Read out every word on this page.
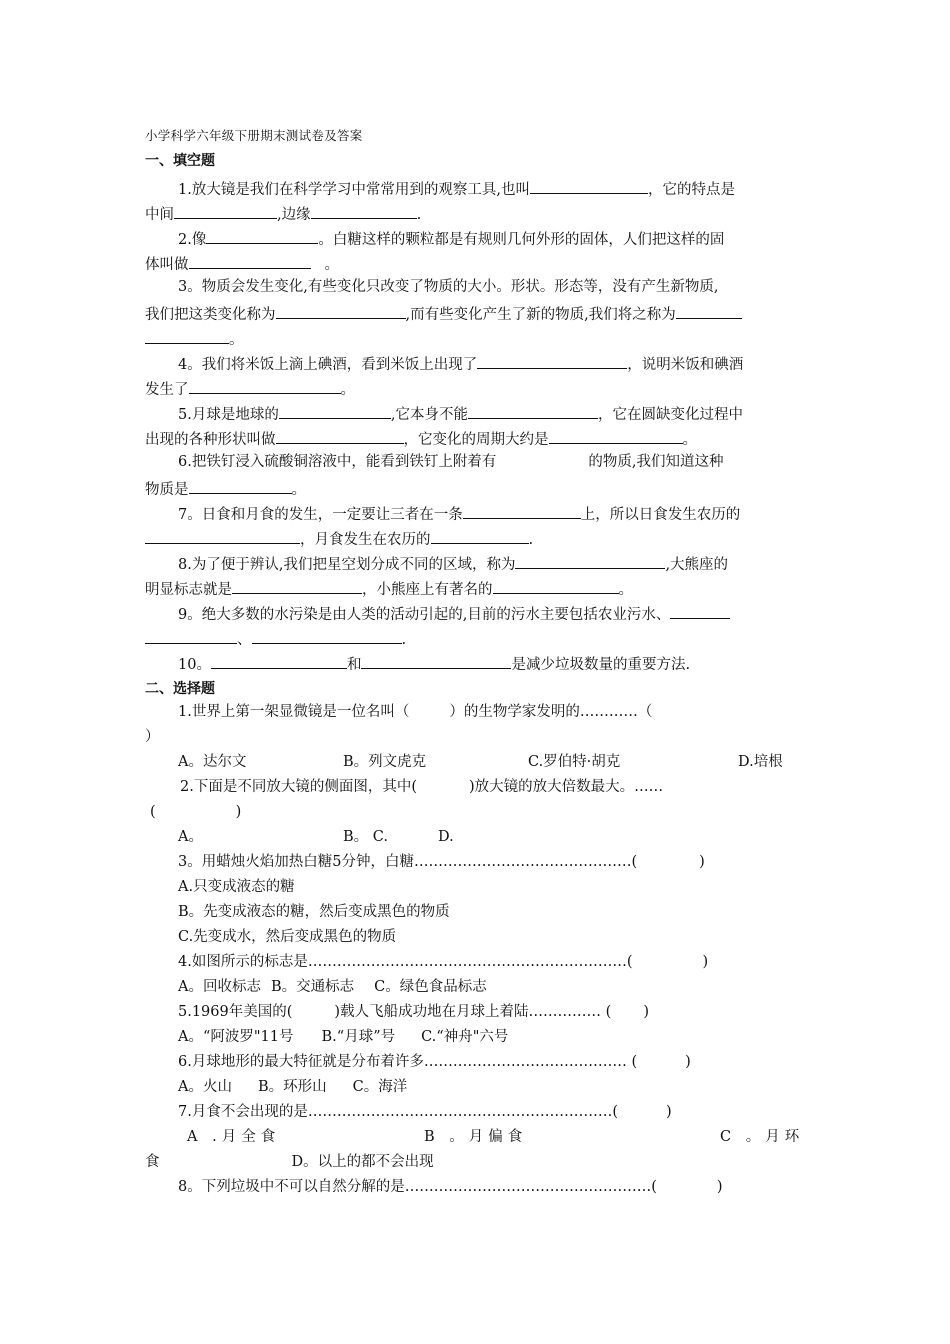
小学科学六年级下册期末测试卷及答案
一、填空题
1.放大镜是我们在科学学习中常常用到的观察工具,也叫	，它的特点是
中间	,边缘	.
2.像	。白糖这样的颗粒都是有规则几何外形的固体，人们把这样的固
体叫做	。
3。物质会发生变化,有些变化只改变了物质的大小。形状。形态等，没有产生新物质,
我们把这类变化称为	,而有些变化产生了新的物质,我们将之称为
。
4。我们将米饭上滴上碘酒，看到米饭上出现了	，说明米饭和碘酒
发生了	。
5.月球是地球的	,它本身不能	，它在圆缺变化过程中
出现的各种形状叫做	，它变化的周期大约是	。
6.把铁钉浸入硫酸铜溶液中，能看到铁钉上附着有	的物质,我们知道这种
物质是	。
7。日食和月食的发生，一定要让三者在一条	上，所以日食发生农历的
，月食发生在农历的	.
8.为了便于辨认,我们把星空划分成不同的区域，称为	,大熊座的
明显标志就是	，小熊座上有著名的	。
9。绝大多数的水污染是由人类的活动引起的,目前的污水主要包括农业污水、
、	.
10。	和	是减少垃圾数量的重要方法.
二、选择题
1.世界上第一架显微镜是一位名叫（	）的生物学家发明的…………（
）
A。达尔文	B。列文虎克	C.罗伯特·胡克	D.培根
2.下面是不同放大镜的侧面图，其中(	)放大镜的放大倍数最大。……
(	)
A。	B。 C.	D.
3。用蜡烛火焰加热白糖5分钟，白糖………………………………………(	)
A.只变成液态的糖
B。先变成液态的糖，然后变成黑色的物质
C.先变成水，然后变成黑色的物质
4.如图所示的标志是…………………………………………………………(	)
A。回收标志 B。交通标志 C。绿色食品标志
5.1969年美国的(	)载人飞船成功地在月球上着陆…………… ( )
A。“阿波罗"11号 B.“月球”号 C.“神舟"六号
6.月球地形的最大特征就是分布着许多…………………………………… (	)
A。火山 B。环形山 C。海洋
7.月食不会出现的是………………………………………………………(	)
A .月全食	B 。月偏食	C 。月环
食	D。以上的都不会出现
8。下列垃圾中不可以自然分解的是……………………………………………(	)
